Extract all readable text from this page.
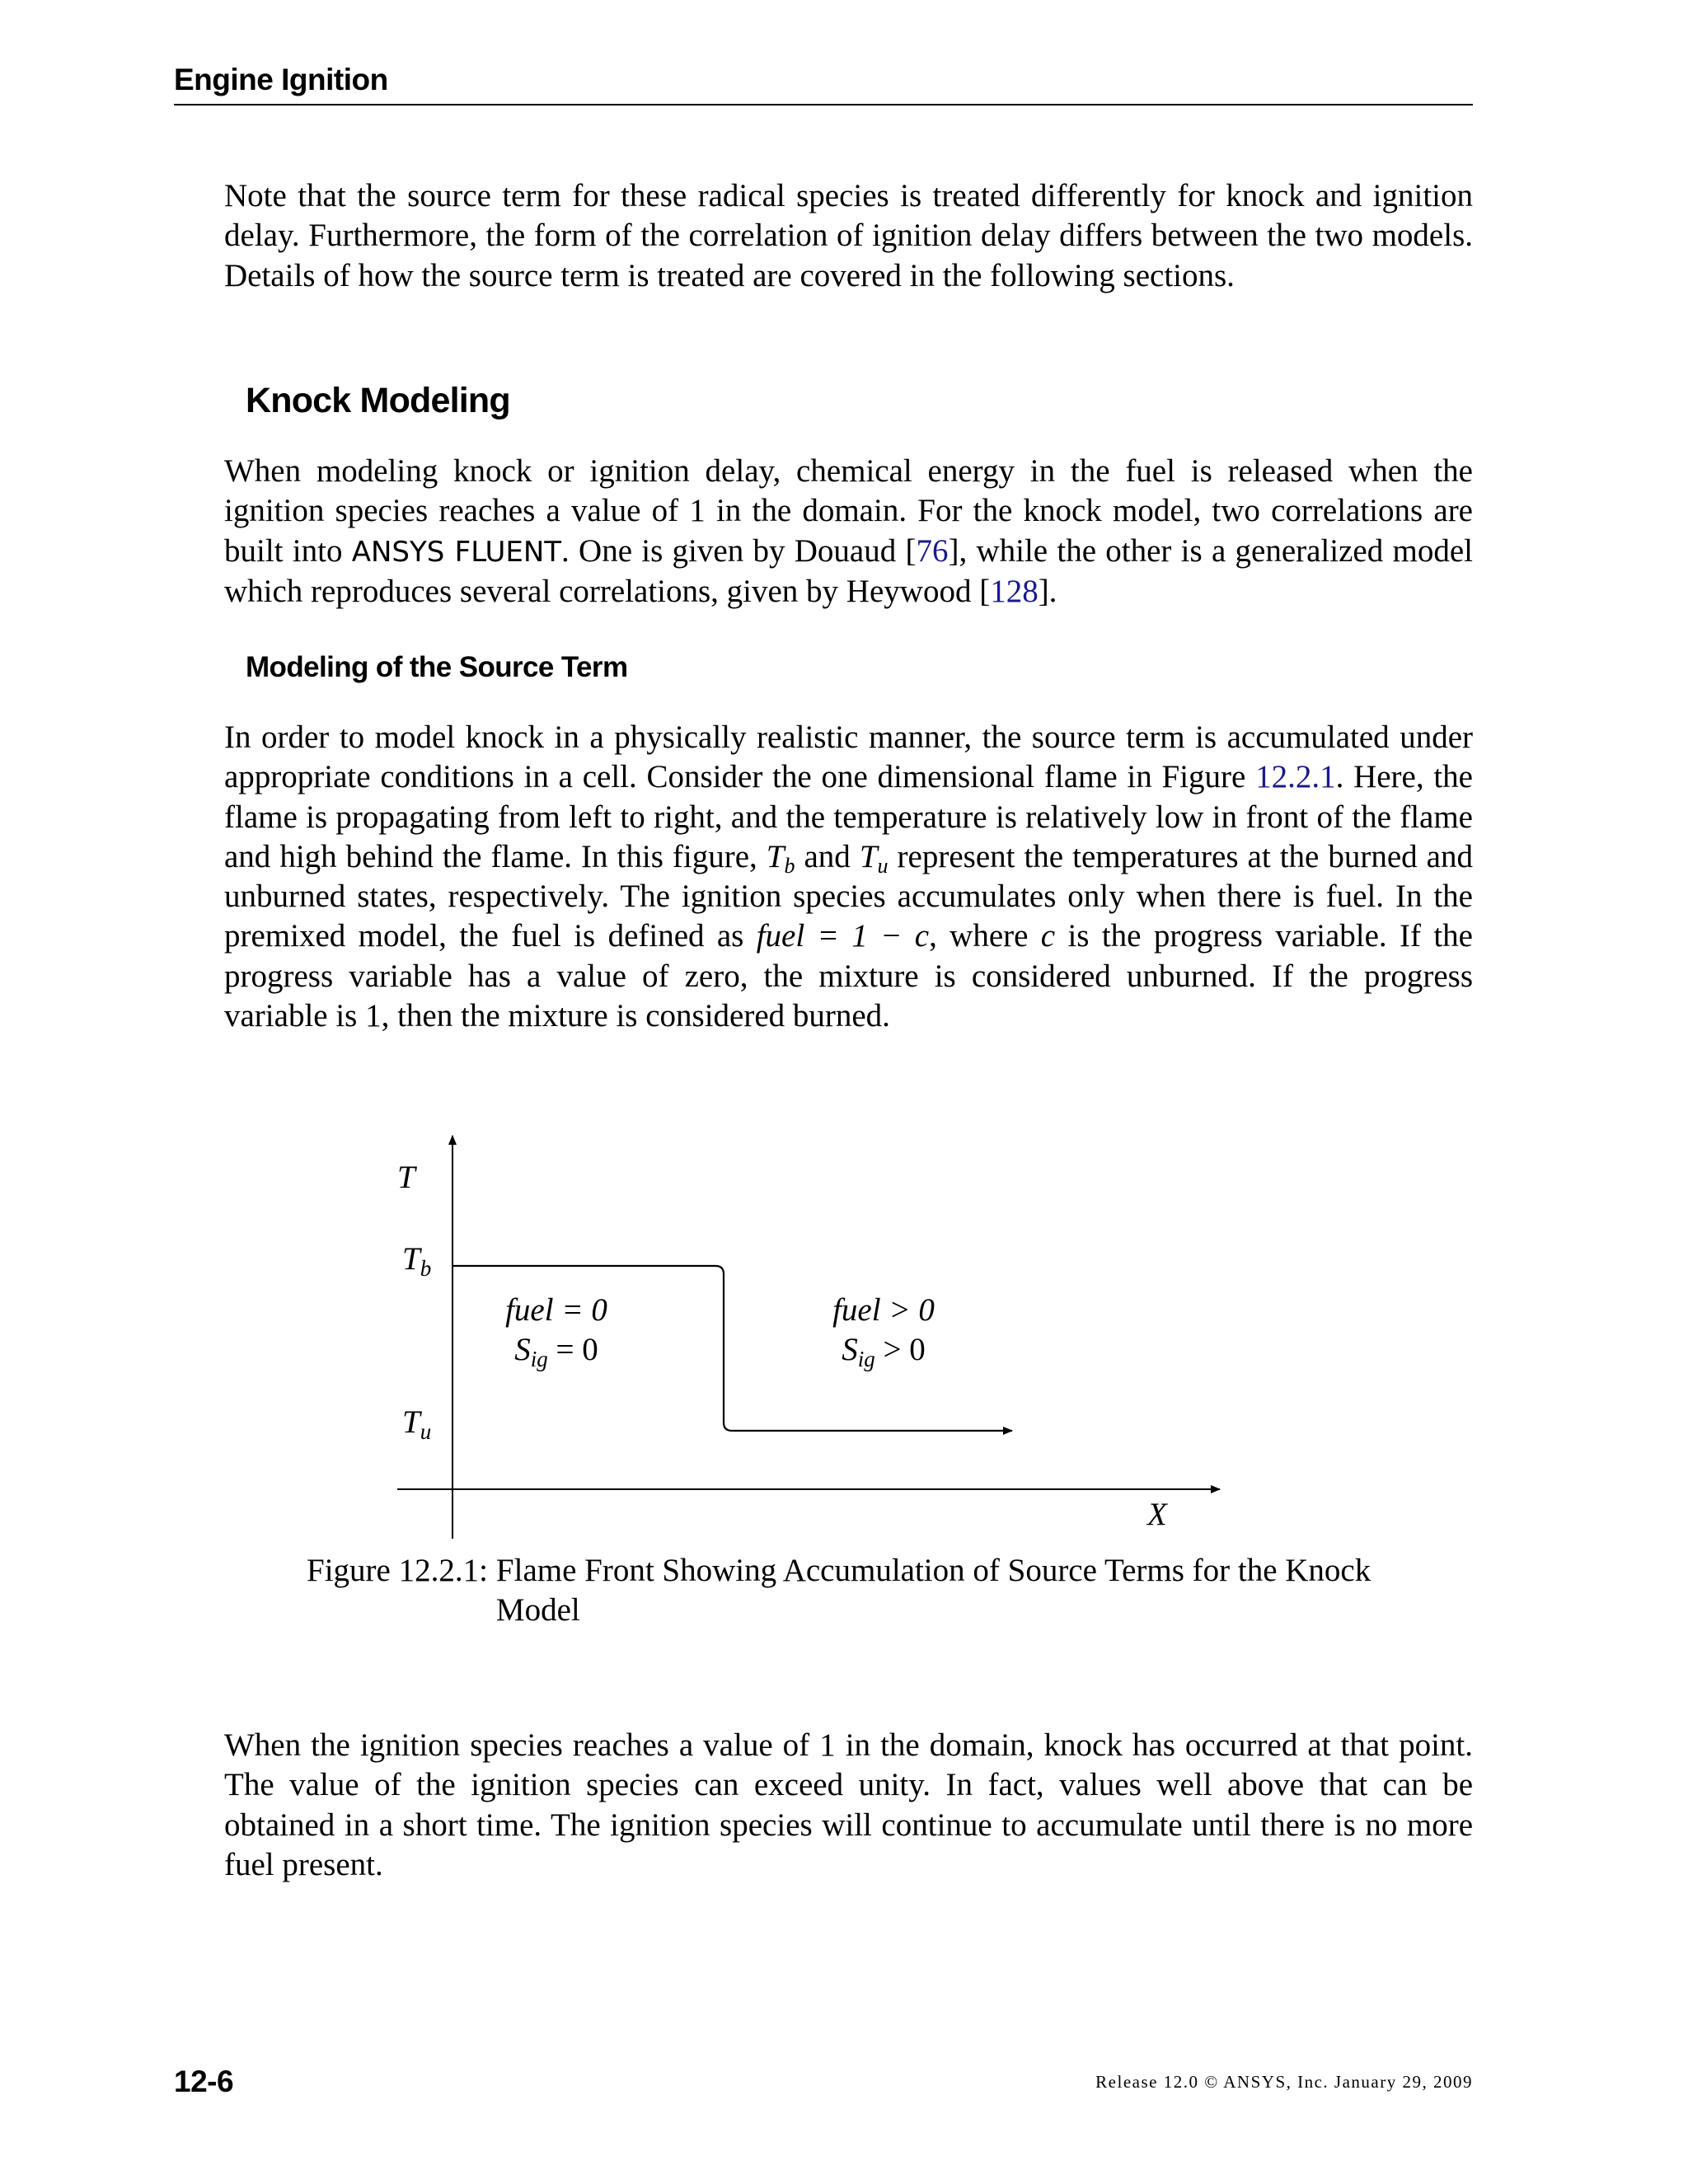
Engine Ignition

Note that the source term for these radical species is treated differently for knock and ignition delay. Furthermore, the form of the correlation of ignition delay differs between the two models. Details of how the source term is treated are covered in the following sections.

Knock Modeling

When modeling knock or ignition delay, chemical energy in the fuel is released when the ignition species reaches a value of 1 in the domain. For the knock model, two correlations are built into ANSYS FLUENT. One is given by Douaud [76], while the other is a generalized model which reproduces several correlations, given by Heywood [128].

Modeling of the Source Term

In order to model knock in a physically realistic manner, the source term is accumulated under appropriate conditions in a cell. Consider the one dimensional flame in Figure 12.2.1. Here, the flame is propagating from left to right, and the temperature is relatively low in front of the flame and high behind the flame. In this figure, $T_b$ and $T_u$ represent the temperatures at the burned and unburned states, respectively. The ignition species accumulates only when there is fuel. In the premixed model, the fuel is defined as fuel = 1 − c, where c is the progress variable. If the progress variable has a value of zero, the mixture is considered unburned. If the progress variable is 1, then the mixture is considered burned.

T
$T_b$
$T_u$
X
fuel = 0
$S_{ig} = 0$
fuel > 0
$S_{ig} > 0$
Figure 12.2.1: Flame Front Showing Accumulation of Source Terms for the Knock Model

When the ignition species reaches a value of 1 in the domain, knock has occurred at that point. The value of the ignition species can exceed unity. In fact, values well above that can be obtained in a short time. The ignition species will continue to accumulate until there is no more fuel present.

12-6	Release 12.0 © ANSYS, Inc. January 29, 2009
